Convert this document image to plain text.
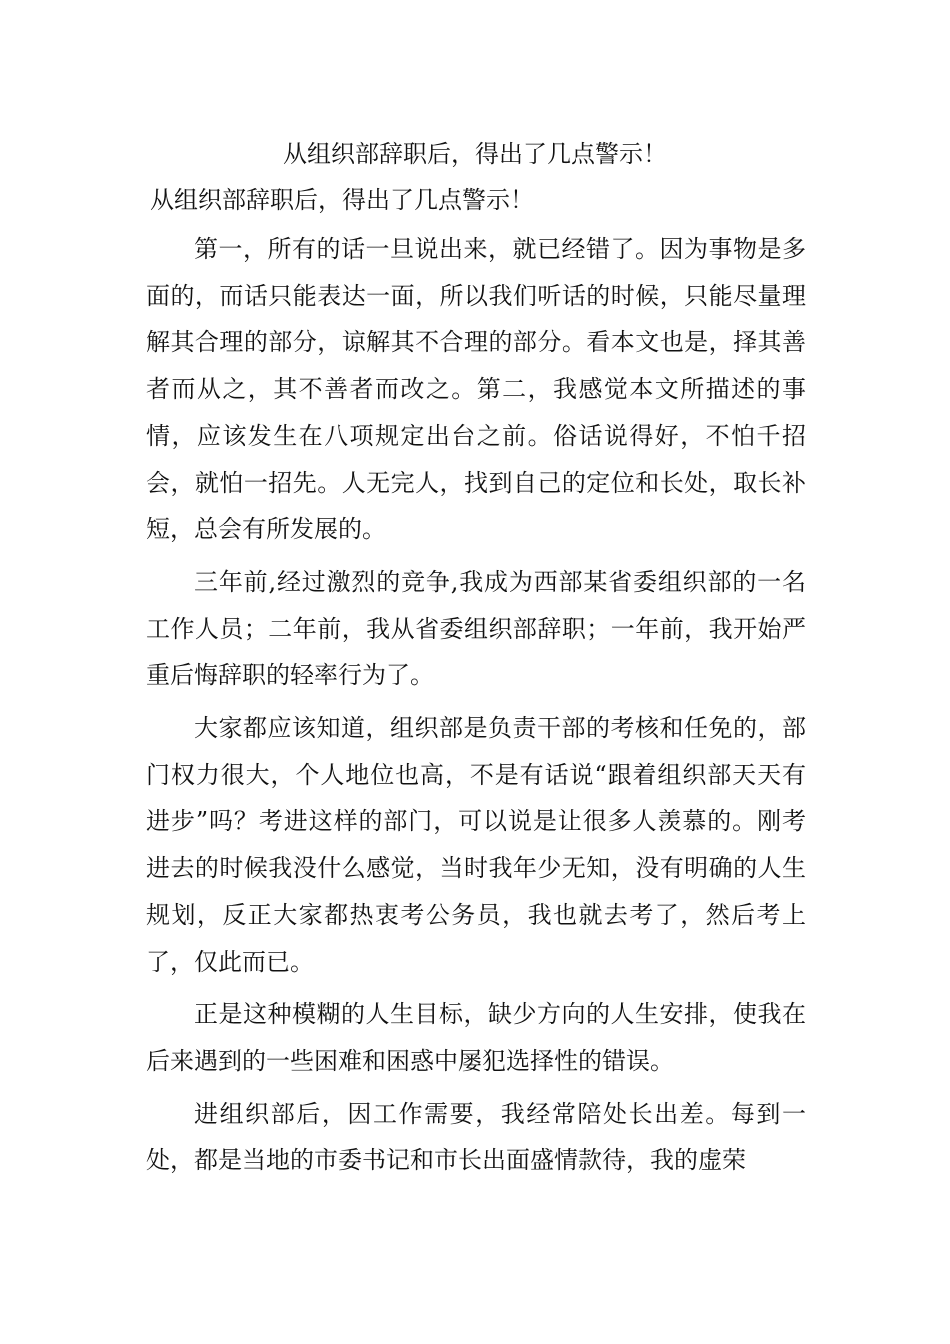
从组织部辞职后，得出了几点警示！
从组织部辞职后，得出了几点警示！

第一，所有的话一旦说出来，就已经错了。因为事物是多面的，而话只能表达一面，所以我们听话的时候，只能尽量理解其合理的部分，谅解其不合理的部分。看本文也是，择其善者而从之，其不善者而改之。第二，我感觉本文所描述的事情，应该发生在八项规定出台之前。俗话说得好，不怕千招会，就怕一招先。人无完人，找到自己的定位和长处，取长补短，总会有所发展的。

三年前,经过激烈的竞争,我成为西部某省委组织部的一名工作人员；二年前，我从省委组织部辞职；一年前，我开始严重后悔辞职的轻率行为了。

大家都应该知道，组织部是负责干部的考核和任免的，部门权力很大，个人地位也高，不是有话说“跟着组织部天天有进步”吗？考进这样的部门，可以说是让很多人羡慕的。刚考进去的时候我没什么感觉，当时我年少无知，没有明确的人生规划，反正大家都热衷考公务员，我也就去考了，然后考上了，仅此而已。

正是这种模糊的人生目标，缺少方向的人生安排，使我在后来遇到的一些困难和困惑中屡犯选择性的错误。

进组织部后，因工作需要，我经常陪处长出差。每到一处，都是当地的市委书记和市长出面盛情款待，我的虚荣
